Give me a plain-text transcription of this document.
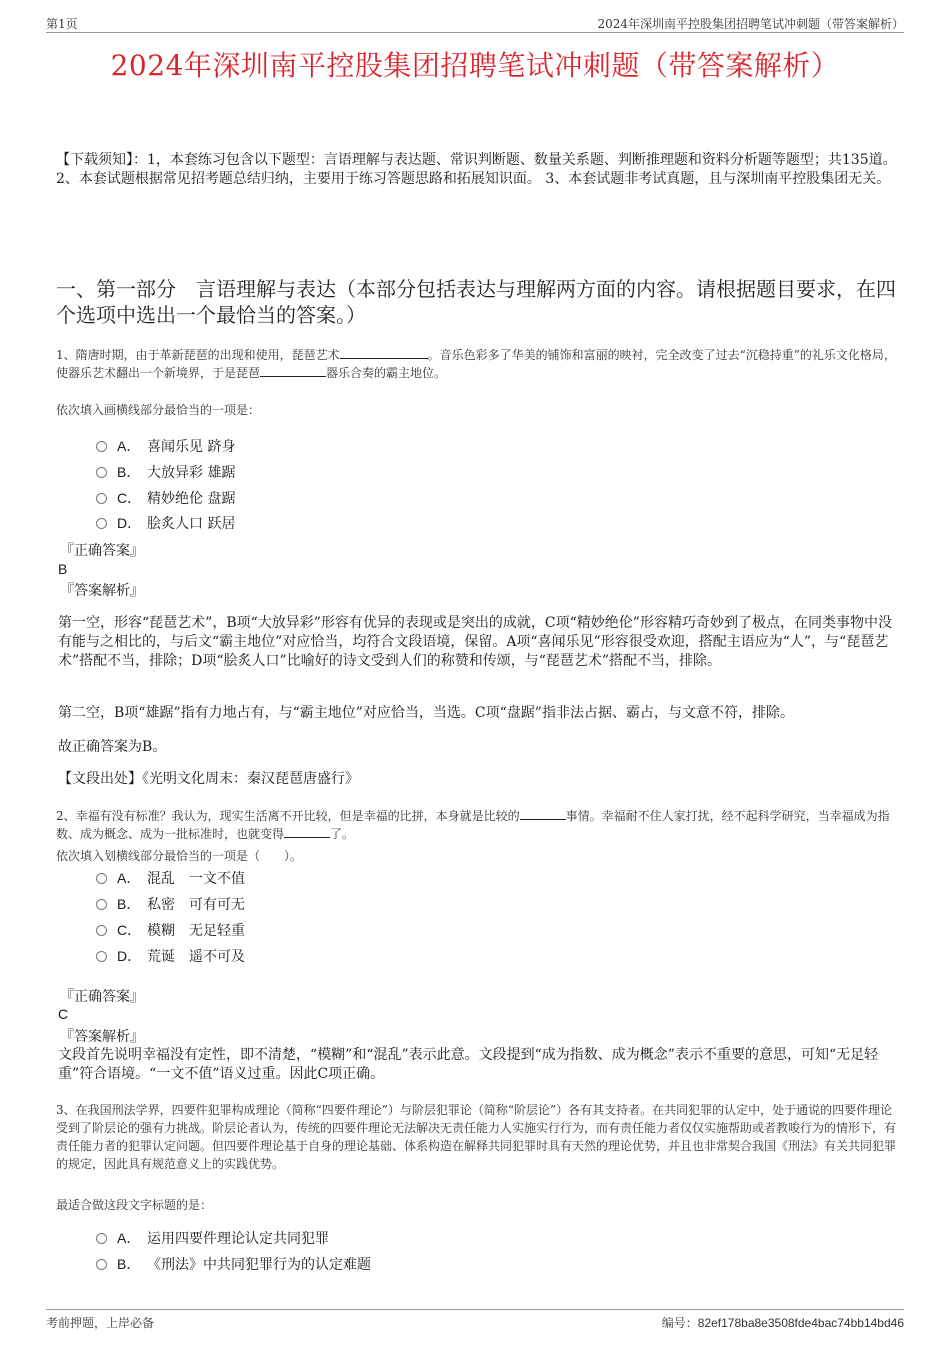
第1页	2024年深圳南平控股集团招聘笔试冲刺题（带答案解析）
2024年深圳南平控股集团招聘笔试冲刺题（带答案解析）
【下载须知】：1，本套练习包含以下题型：言语理解与表达题、常识判断题、数量关系题、判断推理题和资料分析题等题型；共135道。 2、本套试题根据常见招考题总结归纳，主要用于练习答题思路和拓展知识面。 3、本套试题非考试真题，且与深圳南平控股集团无关。
一、第一部分　言语理解与表达（本部分包括表达与理解两方面的内容。请根据题目要求，在四个选项中选出一个最恰当的答案。）
1、隋唐时期，由于革新琵琶的出现和使用，琵琶艺术	。音乐色彩多了华美的铺饰和富丽的映衬，完全改变了过去“沉稳持重”的礼乐文化格局，使器乐艺术翻出一个新境界，于是琵琶	器乐合奏的霸主地位。
依次填入画横线部分最恰当的一项是：
A． 喜闻乐见 跻身
B． 大放异彩 雄踞
C． 精妙绝伦 盘踞
D． 脍炙人口 跃居
『正确答案』
B
『答案解析』
第一空，形容“琵琶艺术”，B项“大放异彩”形容有优异的表现或是突出的成就，C项“精妙绝伦”形容精巧奇妙到了极点，在同类事物中没有能与之相比的，与后文“霸主地位”对应恰当，均符合文段语境，保留。A项“喜闻乐见”形容很受欢迎，搭配主语应为“人”，与“琵琶艺术”搭配不当，排除；D项“脍炙人口”比喻好的诗文受到人们的称赞和传颂，与“琵琶艺术”搭配不当，排除。
第二空，B项“雄踞”指有力地占有，与“霸主地位”对应恰当，当选。C项“盘踞”指非法占据、霸占，与文意不符，排除。
故正确答案为B。
【文段出处】《光明文化周末：秦汉琵琶唐盛行》
2、幸福有没有标准？我认为，现实生活离不开比较，但是幸福的比拼，本身就是比较的	事情。幸福耐不住人家打扰，经不起科学研究，当幸福成为指数、成为概念、成为一批标准时，也就变得	了。
依次填入划横线部分最恰当的一项是（　　）。
A． 混乱　一文不值
B． 私密　可有可无
C． 模糊　无足轻重
D． 荒诞　遥不可及
『正确答案』
C
『答案解析』
文段首先说明幸福没有定性，即不清楚，“模糊”和“混乱”表示此意。文段提到“成为指数、成为概念”表示不重要的意思，可知“无足轻重”符合语境。“一文不值”语义过重。因此C项正确。
3、在我国刑法学界，四要件犯罪构成理论（简称“四要件理论”）与阶层犯罪论（简称“阶层论”）各有其支持者。在共同犯罪的认定中，处于通说的四要件理论受到了阶层论的强有力挑战。阶层论者认为，传统的四要件理论无法解决无责任能力人实施实行行为，而有责任能力者仅仅实施帮助或者教唆行为的情形下，有责任能力者的犯罪认定问题。但四要件理论基于自身的理论基础、体系构造在解释共同犯罪时具有天然的理论优势，并且也非常契合我国《刑法》有关共同犯罪的规定，因此具有规范意义上的实践优势。
最适合做这段文字标题的是：
A． 运用四要件理论认定共同犯罪
B． 《刑法》中共同犯罪行为的认定难题
考前押题，上岸必备	编号：82ef178ba8e3508fde4bac74bb14bd46
